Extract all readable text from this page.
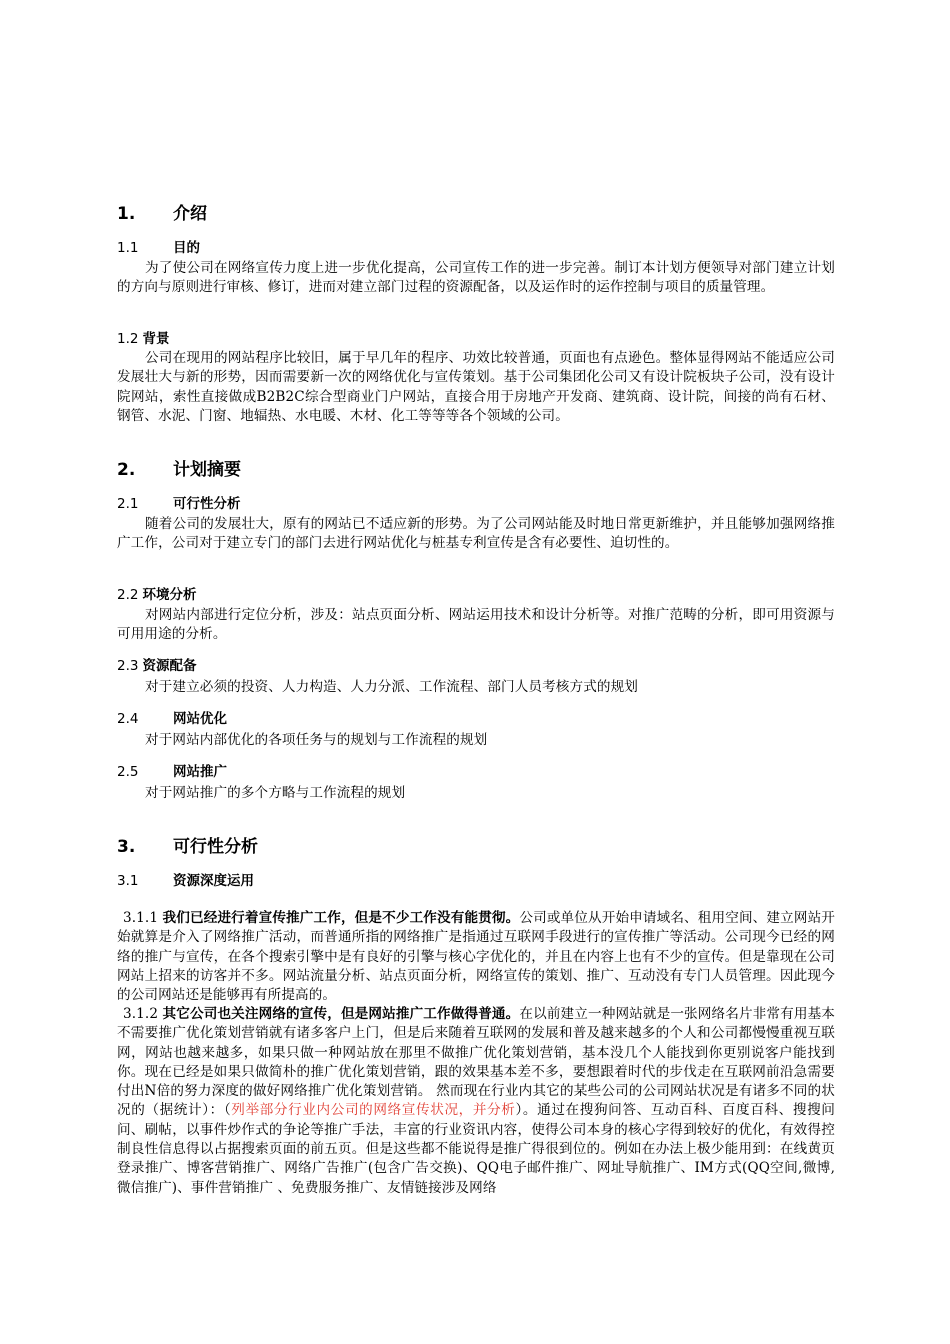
1. 介绍
1.1	目的
为了使公司在网络宣传力度上进一步优化提高，公司宣传工作的进一步完善。制订本计划方便领导对部门建立计划的方向与原则进行审核、修订，进而对建立部门过程的资源配备，以及运作时的运作控制与项目的质量管理。
1.2 背景
公司在现用的网站程序比较旧，属于早几年的程序、功效比较普通，页面也有点逊色。整体显得网站不能适应公司发展壮大与新的形势，因而需要新一次的网络优化与宣传策划。基于公司集团化公司又有设计院板块子公司，没有设计院网站，索性直接做成B2B2C综合型商业门户网站，直接合用于房地产开发商、建筑商、设计院，间接的尚有石材、钢管、水泥、门窗、地辐热、水电暖、木材、化工等等等各个领域的公司。
2. 计划摘要
2.1	可行性分析
随着公司的发展壮大，原有的网站已不适应新的形势。为了公司网站能及时地日常更新维护，并且能够加强网络推广工作，公司对于建立专门的部门去进行网站优化与桩基专利宣传是含有必要性、迫切性的。
2.2 环境分析
对网站内部进行定位分析，涉及：站点页面分析、网站运用技术和设计分析等。对推广范畴的分析，即可用资源与可用用途的分析。
2.3 资源配备
对于建立必须的投资、人力构造、人力分派、工作流程、部门人员考核方式的规划
2.4	网站优化
对于网站内部优化的各项任务与的规划与工作流程的规划
2.5	网站推广
对于网站推广的多个方略与工作流程的规划
3. 可行性分析
3.1	资源深度运用
3.1.1 我们已经进行着宣传推广工作，但是不少工作没有能贯彻。公司或单位从开始申请域名、租用空间、建立网站开始就算是介入了网络推广活动，而普通所指的网络推广是指通过互联网手段进行的宣传推广等活动。公司现今已经的网络的推广与宣传，在各个搜索引擎中是有良好的引擎与核心字优化的，并且在内容上也有不少的宣传。但是靠现在公司网站上招来的访客并不多。网站流量分析、站点页面分析，网络宣传的策划、推广、互动没有专门人员管理。因此现今的公司网站还是能够再有所提高的。
3.1.2 其它公司也关注网络的宣传，但是网站推广工作做得普通。在以前建立一种网站就是一张网络名片非常有用基本不需要推广优化策划营销就有诸多客户上门，但是后来随着互联网的发展和普及越来越多的个人和公司都慢慢重视互联网，网站也越来越多，如果只做一种网站放在那里不做推广优化策划营销，基本没几个人能找到你更别说客户能找到你。现在已经是如果只做简朴的推广优化策划营销，跟的效果基本差不多，要想跟着时代的步伐走在互联网前沿急需要付出N倍的努力深度的做好网络推广优化策划营销。 然而现在行业内其它的某些公司的公司网站状况是有诸多不同的状况的（据统计）：（列举部分行业内公司的网络宣传状况，并分析）。通过在搜狗问答、互动百科、百度百科、搜搜问问、刷帖，以事件炒作式的争论等推广手法，丰富的行业资讯内容，使得公司本身的核心字得到较好的优化，有效得控制良性信息得以占据搜索页面的前五页。但是这些都不能说得是推广得很到位的。例如在办法上极少能用到：在线黄页登录推广、博客营销推广、网络广告推广(包含广告交换)、QQ电子邮件推广、网址导航推广、IM方式(QQ空间,微博,微信推广)、事件营销推广 、免费服务推广、友情链接涉及网络
